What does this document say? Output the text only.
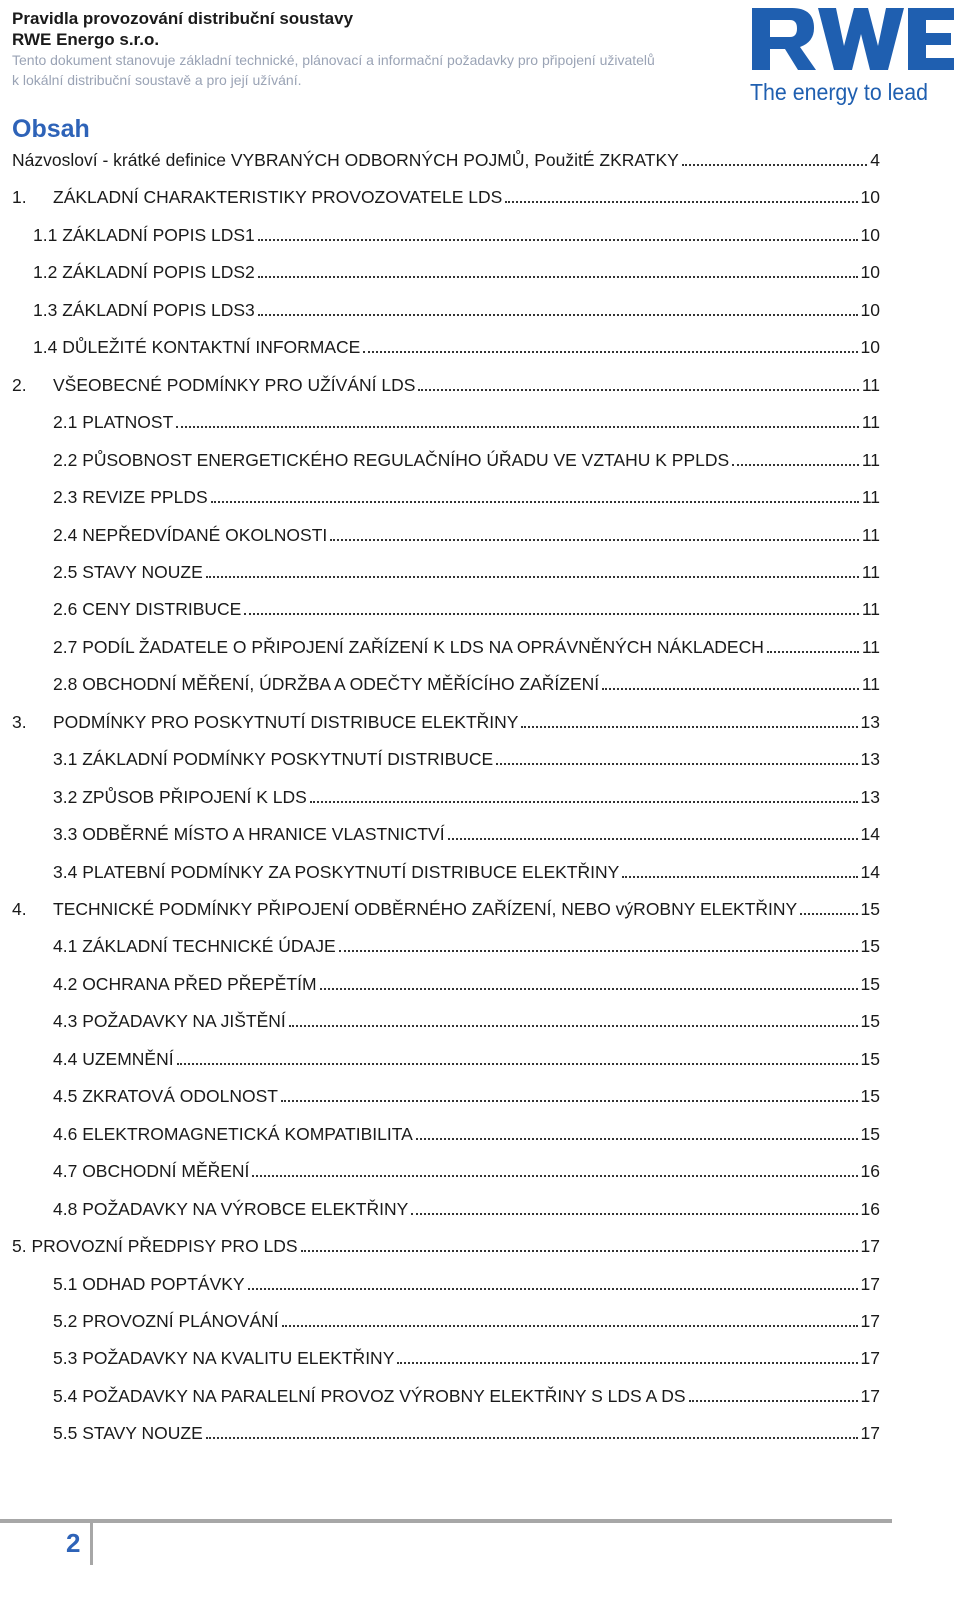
Pravidla provozování distribuční soustavy
RWE Energo s.r.o.
Tento dokument stanovuje základní technické, plánovací a informační požadavky pro připojení uživatelů
k lokální distribuční soustavě a pro její užívání.	The energy to lead
Obsah
Názvosloví - krátké definice VYBRANÝCH ODBORNÝCH POJMŮ, PoužitÉ ZKRATKY	4
1.	ZÁKLADNÍ CHARAKTERISTIKY PROVOZOVATELE LDS	10
1.1 ZÁKLADNÍ POPIS LDS1	10
1.2 ZÁKLADNÍ POPIS LDS2	10
1.3 ZÁKLADNÍ POPIS LDS3	10
1.4 DŮLEŽITÉ KONTAKTNÍ INFORMACE	10
2.	VŠEOBECNÉ PODMÍNKY PRO UŽÍVÁNÍ LDS	11
2.1 PLATNOST	11
2.2 PŮSOBNOST ENERGETICKÉHO REGULAČNÍHO ÚŘADU VE VZTAHU K PPLDS	11
2.3 REVIZE PPLDS	11
2.4 NEPŘEDVÍDANÉ OKOLNOSTI	11
2.5 STAVY NOUZE	11
2.6 CENY DISTRIBUCE	11
2.7 PODÍL ŽADATELE O PŘIPOJENÍ ZAŘÍZENÍ K LDS NA OPRÁVNĚNÝCH NÁKLADECH	11
2.8 OBCHODNÍ MĚŘENÍ, ÚDRŽBA A ODEČTY MĚŘÍCÍHO ZAŘÍZENÍ	11
3.	PODMÍNKY PRO POSKYTNUTÍ DISTRIBUCE ELEKTŘINY	13
3.1 ZÁKLADNÍ PODMÍNKY POSKYTNUTÍ DISTRIBUCE	13
3.2 ZPŮSOB PŘIPOJENÍ K LDS	13
3.3 ODBĚRNÉ MÍSTO A HRANICE VLASTNICTVÍ	14
3.4 PLATEBNÍ PODMÍNKY ZA POSKYTNUTÍ DISTRIBUCE ELEKTŘINY	14
4.	TECHNICKÉ PODMÍNKY PŘIPOJENÍ ODBĚRNÉHO ZAŘÍZENÍ, NEBO výROBNY ELEKTŘINY	15
4.1 ZÁKLADNÍ TECHNICKÉ ÚDAJE	15
4.2 OCHRANA PŘED PŘEPĚTÍM	15
4.3 POŽADAVKY NA JIŠTĚNÍ	15
4.4 UZEMNĚNÍ	15
4.5 ZKRATOVÁ ODOLNOST	15
4.6 ELEKTROMAGNETICKÁ KOMPATIBILITA	15
4.7 OBCHODNÍ MĚŘENÍ	16
4.8 POŽADAVKY NA VÝROBCE ELEKTŘINY	16
5. PROVOZNÍ PŘEDPISY PRO LDS	17
5.1 ODHAD POPTÁVKY	17
5.2 PROVOZNÍ PLÁNOVÁNÍ	17
5.3 POŽADAVKY NA KVALITU ELEKTŘINY	17
5.4 POŽADAVKY NA PARALELNÍ PROVOZ VÝROBNY ELEKTŘINY S LDS A DS	17
5.5 STAVY NOUZE	17
2
